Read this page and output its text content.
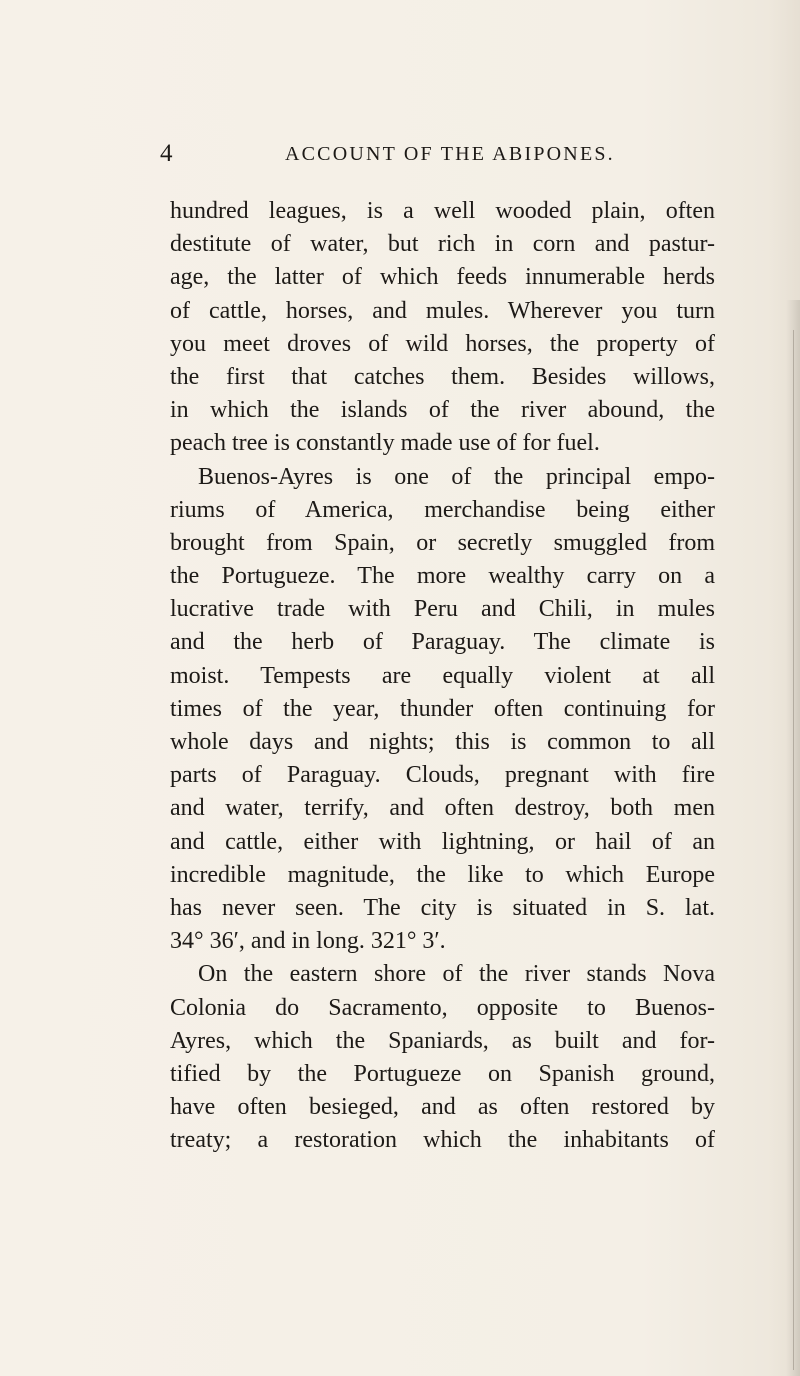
4	ACCOUNT OF THE ABIPONES.
hundred leagues, is a well wooded plain, often
destitute of water, but rich in corn and pastur-
age, the latter of which feeds innumerable herds
of cattle, horses, and mules. Wherever you turn
you meet droves of wild horses, the property of
the first that catches them. Besides willows,
in which the islands of the river abound, the
peach tree is constantly made use of for fuel.
Buenos-Ayres is one of the principal empo-
riums of America, merchandise being either
brought from Spain, or secretly smuggled from
the Portugueze. The more wealthy carry on a
lucrative trade with Peru and Chili, in mules
and the herb of Paraguay. The climate is
moist. Tempests are equally violent at all
times of the year, thunder often continuing for
whole days and nights; this is common to all
parts of Paraguay. Clouds, pregnant with fire
and water, terrify, and often destroy, both men
and cattle, either with lightning, or hail of an
incredible magnitude, the like to which Europe
has never seen. The city is situated in S. lat.
34° 36′, and in long. 321° 3′.
On the eastern shore of the river stands Nova
Colonia do Sacramento, opposite to Buenos-
Ayres, which the Spaniards, as built and for-
tified by the Portugueze on Spanish ground,
have often besieged, and as often restored by
treaty; a restoration which the inhabitants of
